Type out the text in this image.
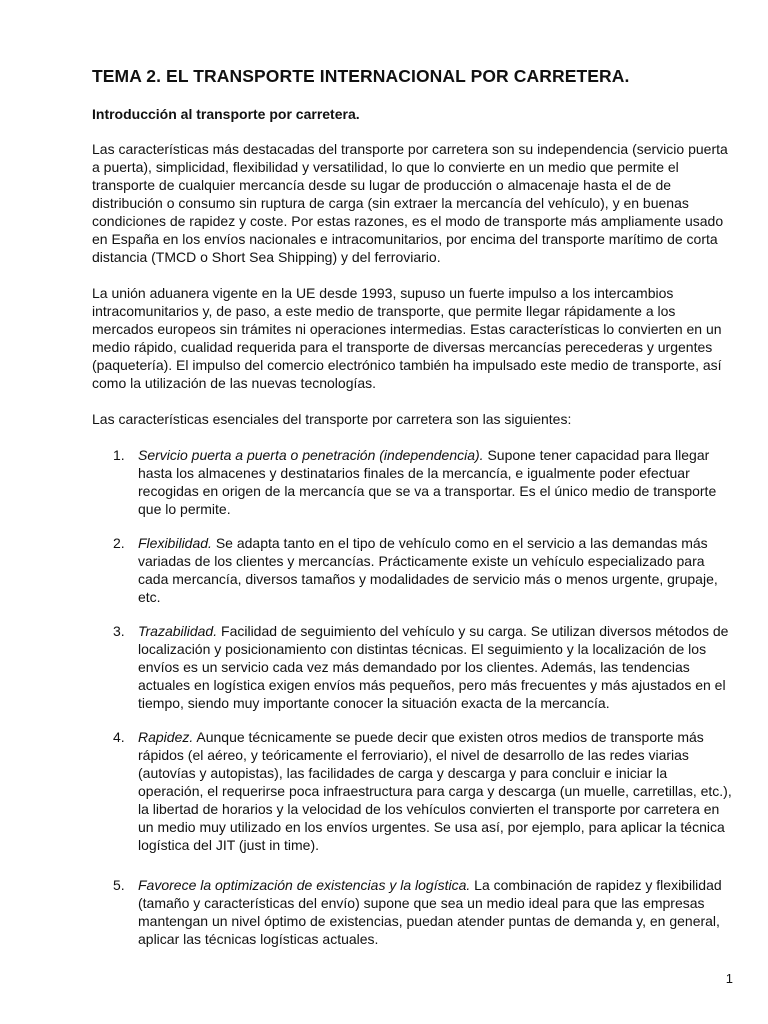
TEMA 2. EL TRANSPORTE INTERNACIONAL POR CARRETERA.
Introducción al transporte por carretera.

Las características más destacadas del transporte por carretera son su independencia (servicio puerta a puerta), simplicidad, flexibilidad y versatilidad, lo que lo convierte en un medio que permite el transporte de cualquier mercancía desde su lugar de producción o almacenaje hasta el de de distribución o consumo sin ruptura de carga (sin extraer la mercancía del vehículo), y en buenas condiciones de rapidez y coste. Por estas razones, es el modo de transporte más ampliamente usado en España en los envíos nacionales e intracomunitarios, por encima del transporte marítimo de corta distancia (TMCD o Short Sea Shipping) y del ferroviario.

La unión aduanera vigente en la UE desde 1993, supuso un fuerte impulso a los intercambios intracomunitarios y, de paso, a este medio de transporte, que permite llegar rápidamente a los mercados europeos sin trámites ni operaciones intermedias. Estas características lo convierten en un medio rápido, cualidad requerida para el transporte de diversas mercancías perecederas y urgentes (paquetería). El impulso del comercio electrónico también ha impulsado este medio de transporte, así como la utilización de las nuevas tecnologías.

Las características esenciales del transporte por carretera son las siguientes:

1. Servicio puerta a puerta o penetración (independencia). Supone tener capacidad para llegar hasta los almacenes y destinatarios finales de la mercancía, e igualmente poder efectuar recogidas en origen de la mercancía que se va a transportar. Es el único medio de transporte que lo permite.
2. Flexibilidad. Se adapta tanto en el tipo de vehículo como en el servicio a las demandas más variadas de los clientes y mercancías. Prácticamente existe un vehículo especializado para cada mercancía, diversos tamaños y modalidades de servicio más o menos urgente, grupaje, etc.
3. Trazabilidad. Facilidad de seguimiento del vehículo y su carga. Se utilizan diversos métodos de localización y posicionamiento con distintas técnicas. El seguimiento y la localización de los envíos es un servicio cada vez más demandado por los clientes. Además, las tendencias actuales en logística exigen envíos más pequeños, pero más frecuentes y más ajustados en el tiempo, siendo muy importante conocer la situación exacta de la mercancía.
4. Rapidez. Aunque técnicamente se puede decir que existen otros medios de transporte más rápidos (el aéreo, y teóricamente el ferroviario), el nivel de desarrollo de las redes viarias (autovías y autopistas), las facilidades de carga y descarga y para concluir e iniciar la operación, el requerirse poca infraestructura para carga y descarga (un muelle, carretillas, etc.), la libertad de horarios y la velocidad de los vehículos convierten el transporte por carretera en un medio muy utilizado en los envíos urgentes. Se usa así, por ejemplo, para aplicar la técnica logística del JIT (just in time).
5. Favorece la optimización de existencias y la logística. La combinación de rapidez y flexibilidad (tamaño y características del envío) supone que sea un medio ideal para que las empresas mantengan un nivel óptimo de existencias, puedan atender puntas de demanda y, en general, aplicar las técnicas logísticas actuales.
1
